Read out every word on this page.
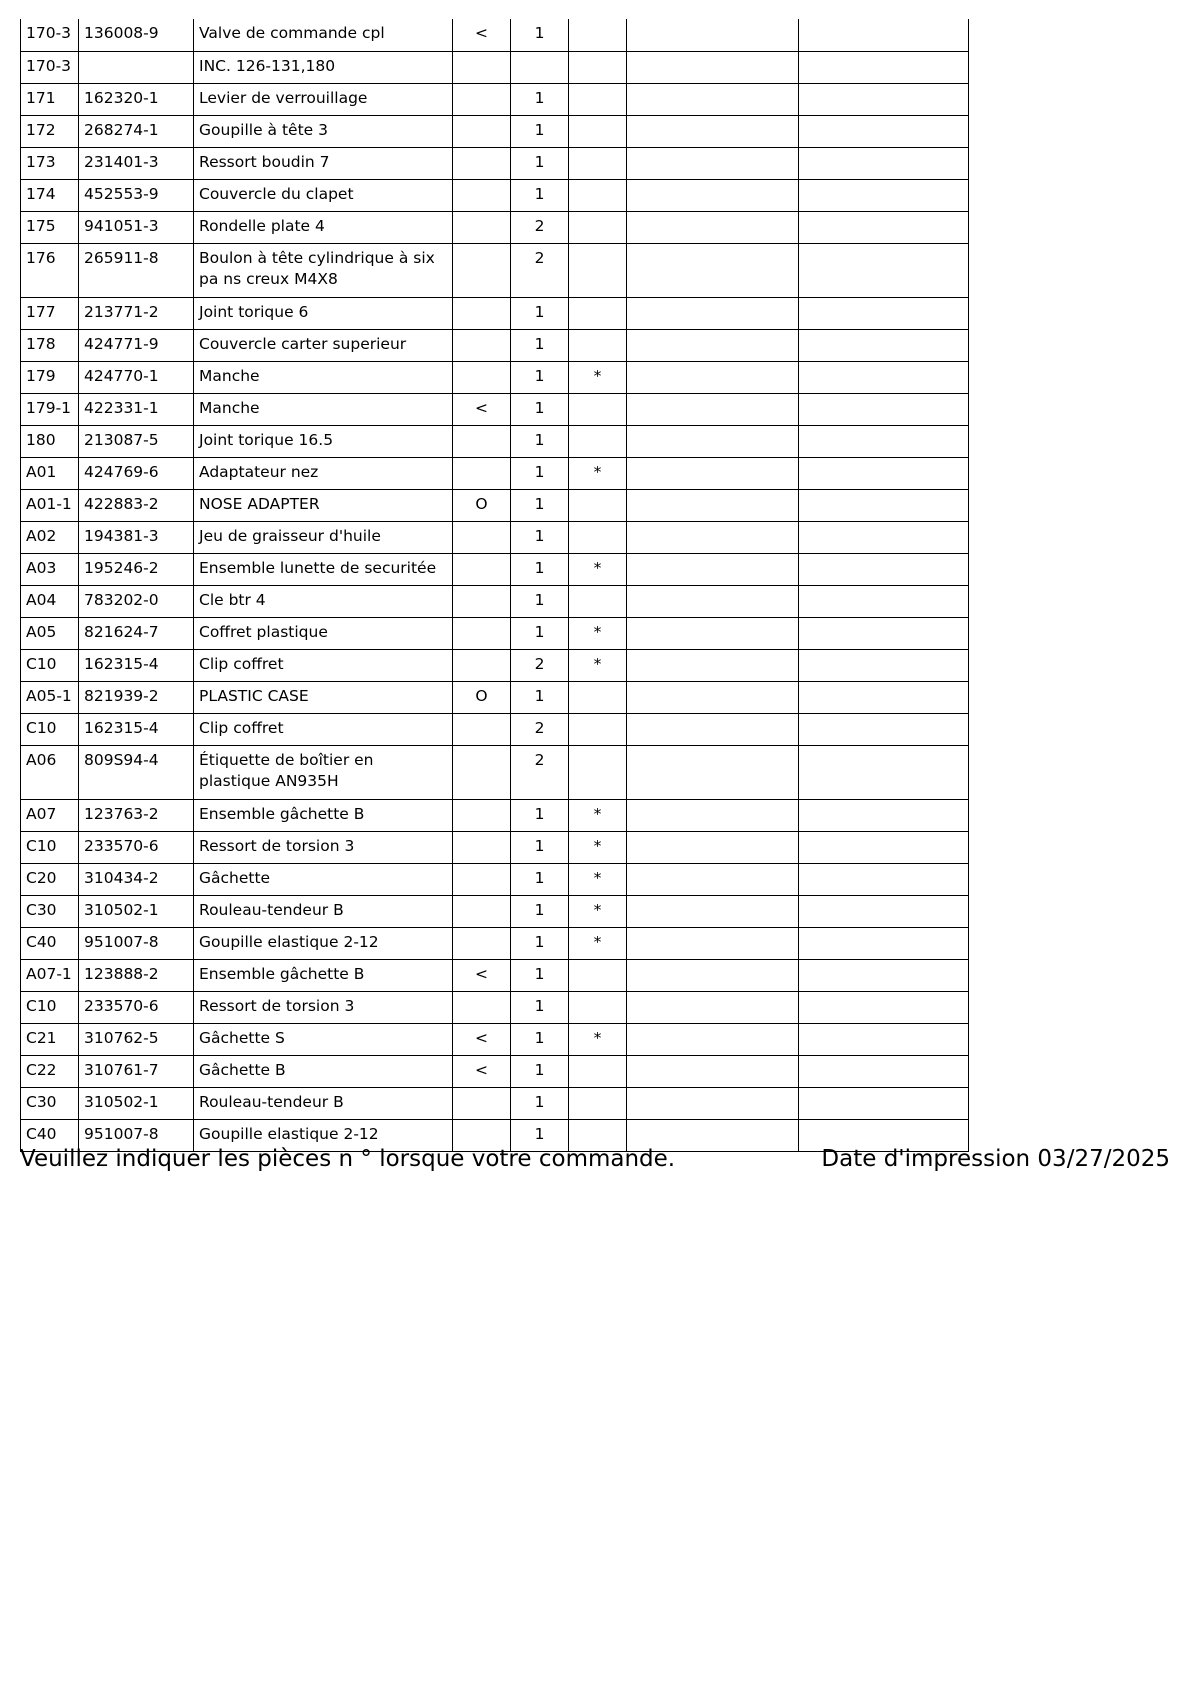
170-3	136008-9	Valve de commande cpl	<	1			
170-3		INC. 126-131,180					
171	162320-1	Levier de verrouillage		1			
172	268274-1	Goupille à tête 3		1			
173	231401-3	Ressort boudin 7		1			
174	452553-9	Couvercle du clapet		1			
175	941051-3	Rondelle plate 4		2			
176	265911-8	Boulon à tête cylindrique à six pa ns creux M4X8		2			
177	213771-2	Joint torique 6		1			
178	424771-9	Couvercle carter superieur		1			
179	424770-1	Manche		1	*		
179-1	422331-1	Manche	<	1			
180	213087-5	Joint torique 16.5		1			
A01	424769-6	Adaptateur nez		1	*		
A01-1	422883-2	NOSE ADAPTER	O	1			
A02	194381-3	Jeu de graisseur d'huile		1			
A03	195246-2	Ensemble lunette de securitée		1	*		
A04	783202-0	Cle btr 4		1			
A05	821624-7	Coffret plastique		1	*		
C10	162315-4	Clip coffret		2	*		
A05-1	821939-2	PLASTIC CASE	O	1			
C10	162315-4	Clip coffret		2			
A06	809S94-4	Étiquette de boîtier en plastique AN935H		2			
A07	123763-2	Ensemble gâchette B		1	*		
C10	233570-6	Ressort de torsion 3		1	*		
C20	310434-2	Gâchette		1	*		
C30	310502-1	Rouleau-tendeur B		1	*		
C40	951007-8	Goupille elastique 2-12		1	*		
A07-1	123888-2	Ensemble gâchette B	<	1			
C10	233570-6	Ressort de torsion 3		1			
C21	310762-5	Gâchette S	<	1	*		
C22	310761-7	Gâchette B	<	1			
C30	310502-1	Rouleau-tendeur B		1			
C40	951007-8	Goupille elastique 2-12		1			
Veuillez indiquer les pièces n ° lorsque votre commande.	Date d'impression 03/27/2025
